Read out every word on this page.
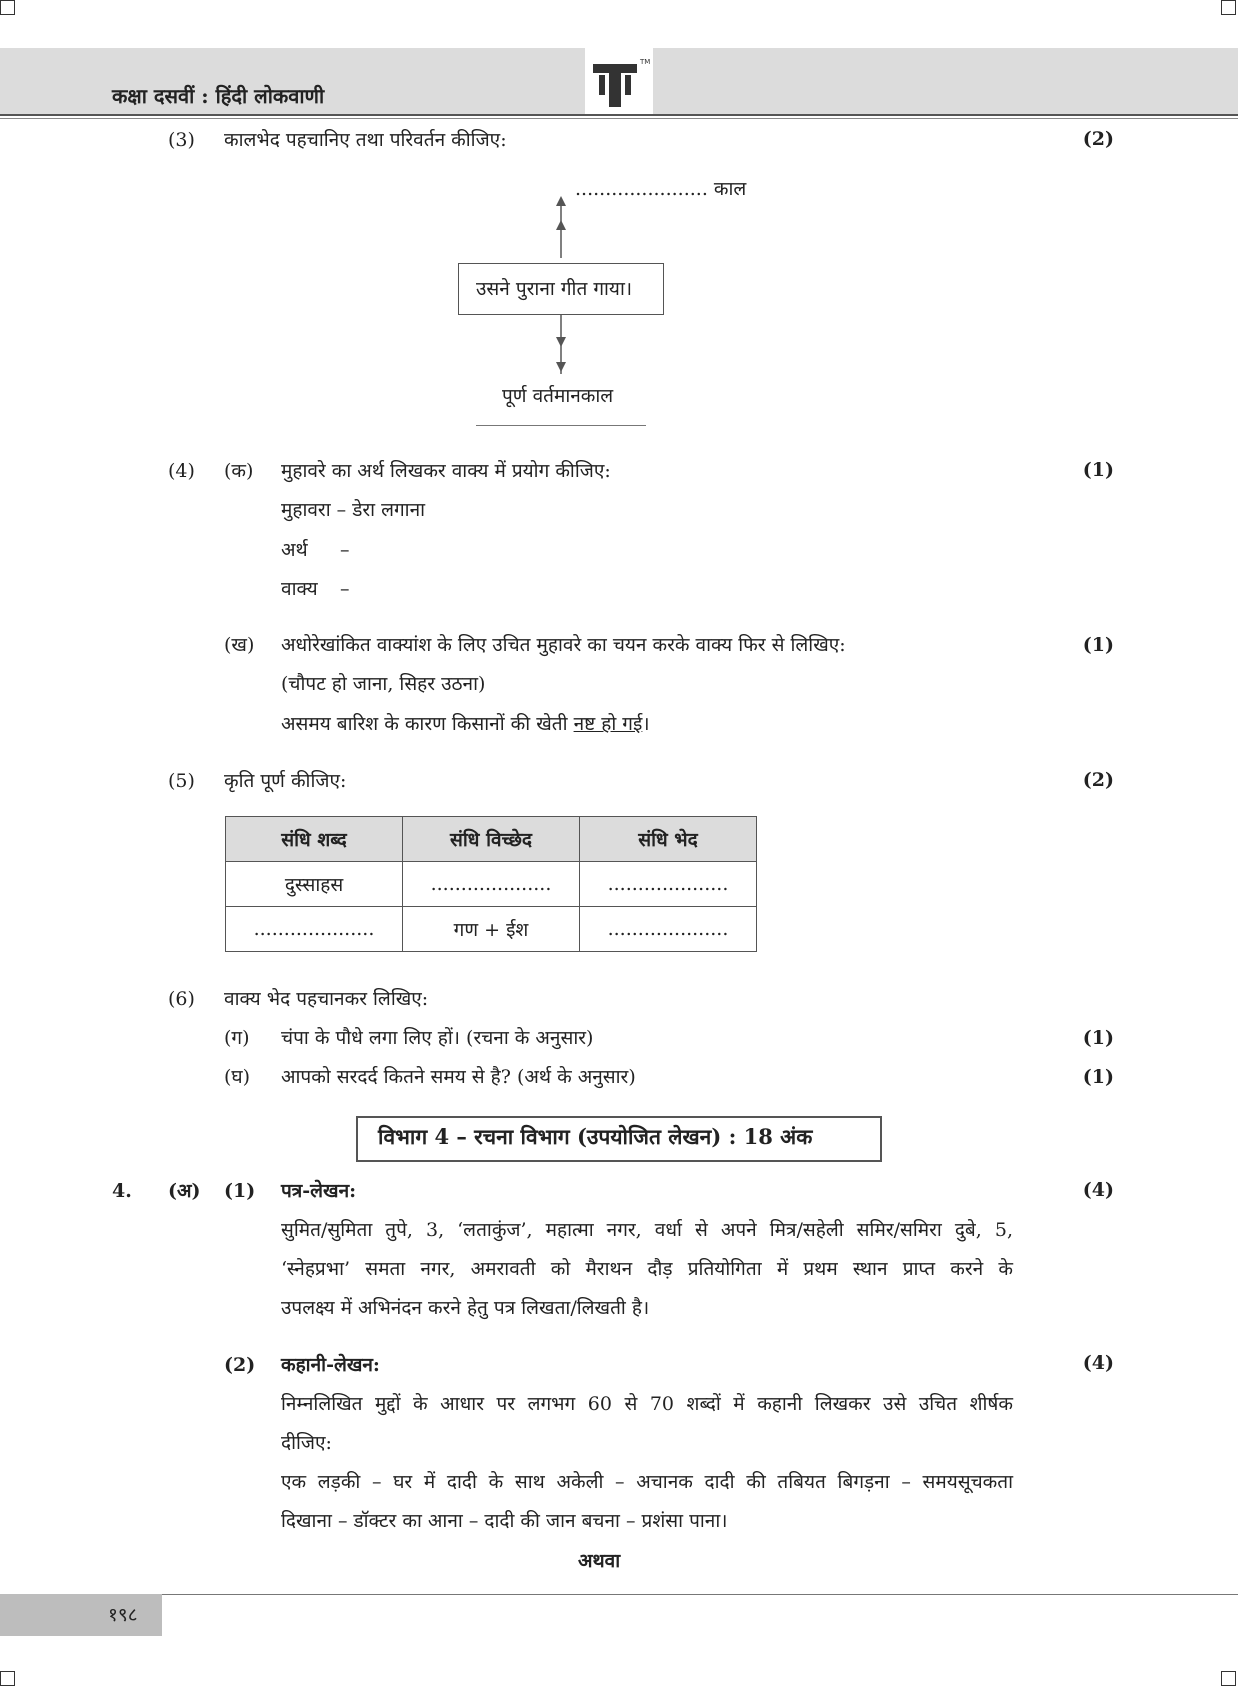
TM
कक्षा दसवीं : हिंदी लोकवाणी
(3) कालभेद पहचानिए तथा परिवर्तन कीजिए:	(2)
...................... काल
उसने पुराना गीत गाया।
पूर्ण वर्तमानकाल
(4) (क) मुहावरे का अर्थ लिखकर वाक्य में प्रयोग कीजिए:	(1)
मुहावरा – डेरा लगाना
अर्थ –
वाक्य –
(ख) अधोरेखांकित वाक्यांश के लिए उचित मुहावरे का चयन करके वाक्य फिर से लिखिए:	(1)
(चौपट हो जाना, सिहर उठना)
असमय बारिश के कारण किसानों की खेती नष्ट हो गई।
(5) कृति पूर्ण कीजिए:	(2)
संधि शब्द	संधि विच्छेद	संधि भेद
दुस्साहस	....................	....................
....................	गण + ईश	....................
(6) वाक्य भेद पहचानकर लिखिए:
(ग) चंपा के पौधे लगा लिए हों। (रचना के अनुसार)	(1)
(घ) आपको सरदर्द कितने समय से है? (अर्थ के अनुसार)	(1)
विभाग 4 – रचना विभाग (उपयोजित लेखन) : 18 अंक
4. (अ) (1) पत्र-लेखन:	(4)
सुमित/सुमिता तुपे, 3, ‘लताकुंज’, महात्मा नगर, वर्धा से अपने मित्र/सहेली समिर/समिरा दुबे, 5,
‘स्नेहप्रभा’ समता नगर, अमरावती को मैराथन दौड़ प्रतियोगिता में प्रथम स्थान प्राप्त करने के
उपलक्ष्य में अभिनंदन करने हेतु पत्र लिखता/लिखती है।
(2) कहानी-लेखन:	(4)
निम्नलिखित मुद्दों के आधार पर लगभग 60 से 70 शब्दों में कहानी लिखकर उसे उचित शीर्षक
दीजिए:
एक लड़की – घर में दादी के साथ अकेली – अचानक दादी की तबियत बिगड़ना – समयसूचकता
दिखाना – डॉक्टर का आना – दादी की जान बचना – प्रशंसा पाना।
अथवा
१९८
